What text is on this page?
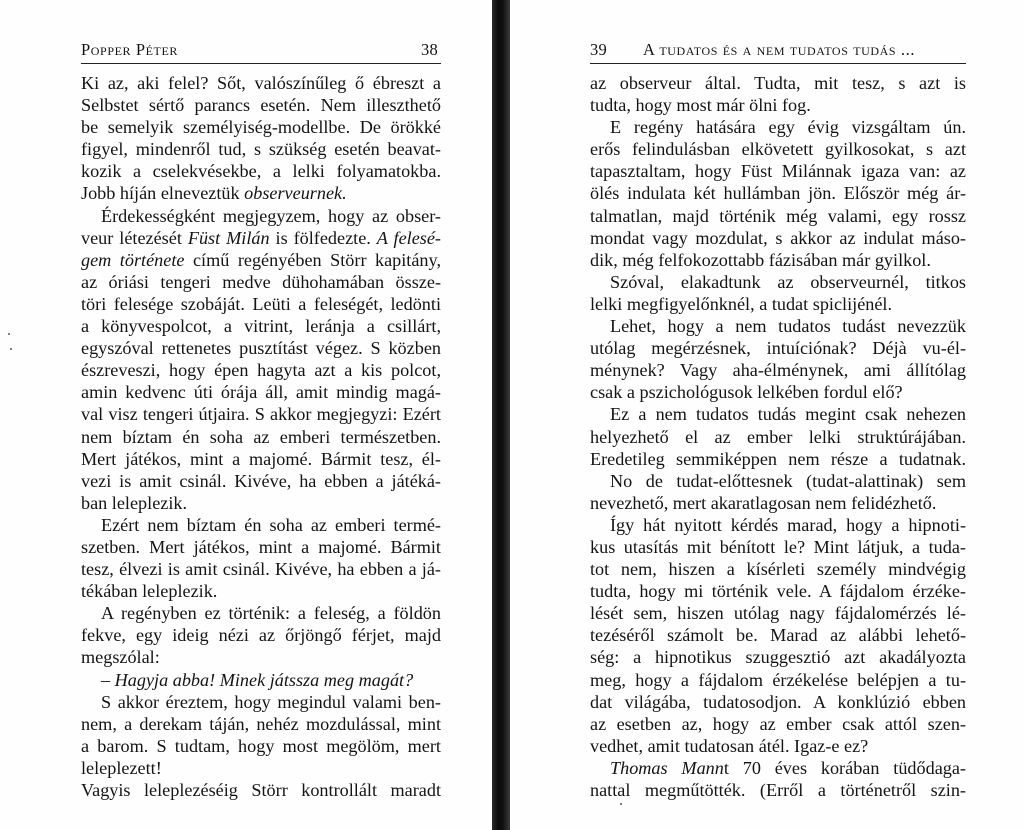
Popper Péter	38
Ki az, aki felel? Sőt, valószínűleg ő ébreszt a
Selbstet sértő parancs esetén. Nem illeszthető
be semelyik személyiség-modellbe. De örökké
figyel, mindenről tud, s szükség esetén beavat-
kozik a cselekvésekbe, a lelki folyamatokba.
Jobb híján elneveztük observeurnek.
Érdekességként megjegyzem, hogy az obser-
veur létezését Füst Milán is fölfedezte. A felesé-
gem története című regényében Störr kapitány,
az óriási tengeri medve dühohamában össze-
töri felesége szobáját. Leüti a feleségét, ledönti
a könyvespolcot, a vitrint, leránja a csillárt,
egyszóval rettenetes pusztítást végez. S közben
észreveszi, hogy épen hagyta azt a kis polcot,
amin kedvenc úti órája áll, amit mindig magá-
val visz tengeri útjaira. S akkor megjegyzi: Ezért
nem bíztam én soha az emberi természetben.
Mert játékos, mint a majomé. Bármit tesz, él-
vezi is amit csinál. Kivéve, ha ebben a játéká-
ban leleplezik.
Ezért nem bíztam én soha az emberi termé-
szetben. Mert játékos, mint a majomé. Bármit
tesz, élvezi is amit csinál. Kivéve, ha ebben a já-
tékában leleplezik.
A regényben ez történik: a feleség, a földön
fekve, egy ideig nézi az őrjöngő férjet, majd
megszólal:
– Hagyja abba! Minek játssza meg magát?
S akkor éreztem, hogy megindul valami ben-
nem, a derekam táján, nehéz mozdulással, mint
a barom. S tudtam, hogy most megölöm, mert
leleplezett!
Vagyis leleplezéséig Störr kontrollált maradt
39 A tudatos és a nem tudatos tudás ...
az observeur által. Tudta, mit tesz, s azt is
tudta, hogy most már ölni fog.
E regény hatására egy évig vizsgáltam ún.
erős felindulásban elkövetett gyilkosokat, s azt
tapasztaltam, hogy Füst Milánnak igaza van: az
ölés indulata két hullámban jön. Először még ár-
talmatlan, majd történik még valami, egy rossz
mondat vagy mozdulat, s akkor az indulat máso-
dik, még felfokozottabb fázisában már gyilkol.
Szóval, elakadtunk az observeurnél, titkos
lelki megfigyelőnknél, a tudat spiclijénél.
Lehet, hogy a nem tudatos tudást nevezzük
utólag megérzésnek, intuíciónak? Déjà vu-él-
ménynek? Vagy aha-élménynek, ami állítólag
csak a pszichológusok lelkében fordul elő?
Ez a nem tudatos tudás megint csak nehezen
helyezhető el az ember lelki struktúrájában.
Eredetileg semmiképpen nem része a tudatnak.
No de tudat-előttesnek (tudat-alattinak) sem
nevezhető, mert akaratlagosan nem felidézhető.
Így hát nyitott kérdés marad, hogy a hipnoti-
kus utasítás mit bénított le? Mint látjuk, a tuda-
tot nem, hiszen a kísérleti személy mindvégig
tudta, hogy mi történik vele. A fájdalom érzéke-
lését sem, hiszen utólag nagy fájdalomérzés lé-
tezéséről számolt be. Marad az alábbi lehető-
ség: a hipnotikus szuggesztió azt akadályozta
meg, hogy a fájdalom érzékelése belépjen a tu-
dat világába, tudatosodjon. A konklúzió ebben
az esetben az, hogy az ember csak attól szen-
vedhet, amit tudatosan átél. Igaz-e ez?
Thomas Mannt 70 éves korában tüdődaga-
nattal megműtötték. (Erről a történetről szin-
